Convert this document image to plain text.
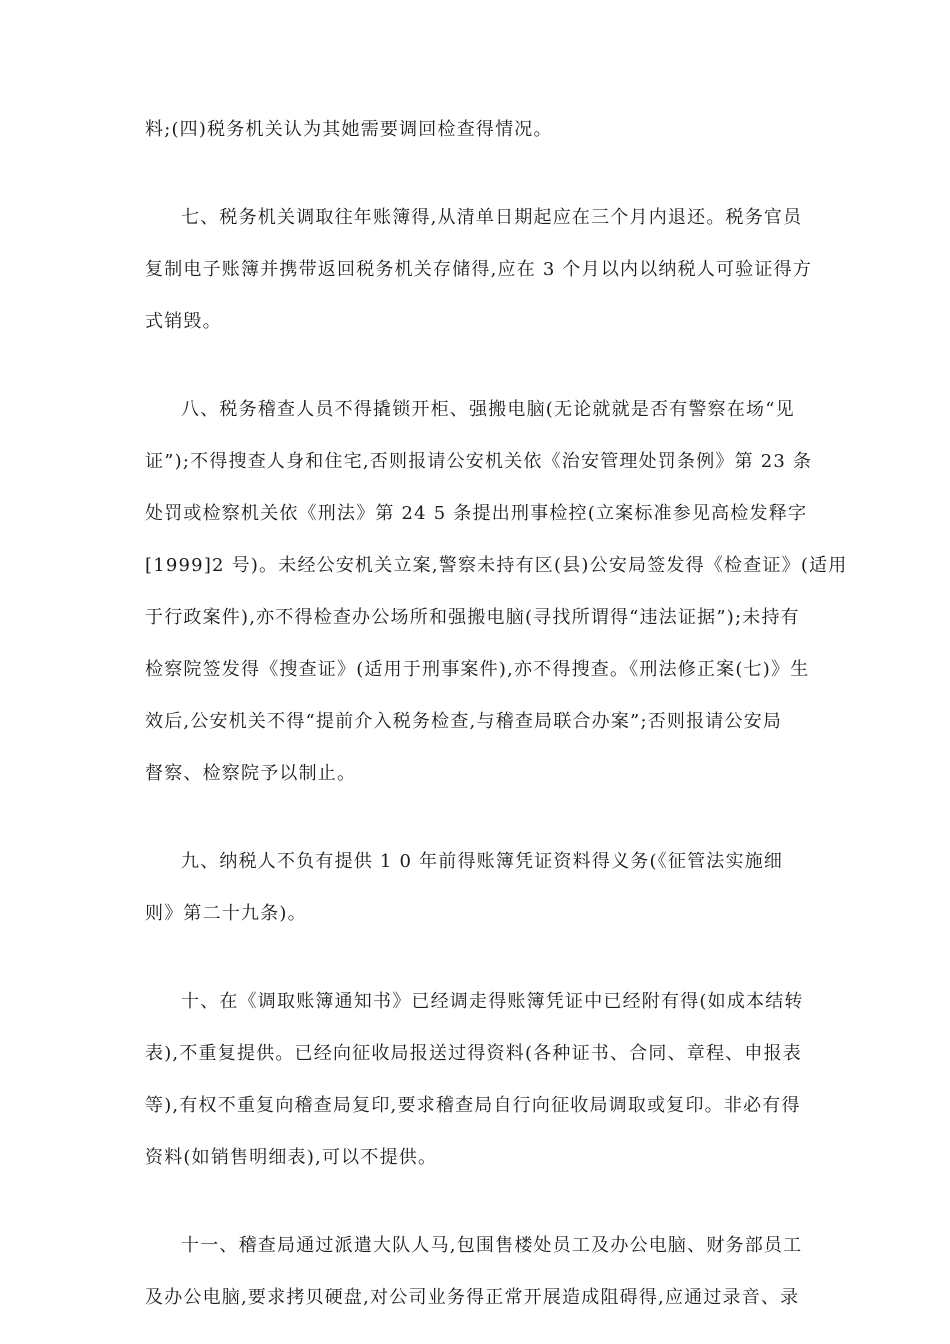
料;(四)税务机关认为其她需要调回检查得情况。
七、税务机关调取往年账簿得,从清单日期起应在三个月内退还。税务官员
复制电子账簿并携带返回税务机关存储得,应在 3 个月以内以纳税人可验证得方
式销毁。
八、税务稽查人员不得撬锁开柜、强搬电脑(无论就就是否有警察在场“见
证”);不得搜查人身和住宅,否则报请公安机关依《治安管理处罚条例》第 23 条
处罚或检察机关依《刑法》第 24 5 条提出刑事检控(立案标准参见高检发释字
[1999]2 号)。未经公安机关立案,警察未持有区(县)公安局签发得《检查证》(适用
于行政案件),亦不得检查办公场所和强搬电脑(寻找所谓得“违法证据”);未持有
检察院签发得《搜查证》(适用于刑事案件),亦不得搜查。《刑法修正案(七)》生
效后,公安机关不得“提前介入税务检查,与稽查局联合办案”;否则报请公安局
督察、检察院予以制止。
九、纳税人不负有提供 1 0 年前得账簿凭证资料得义务(《征管法实施细
则》第二十九条)。
十、在《调取账簿通知书》已经调走得账簿凭证中已经附有得(如成本结转
表),不重复提供。已经向征收局报送过得资料(各种证书、合同、章程、申报表
等),有权不重复向稽查局复印,要求稽查局自行向征收局调取或复印。非必有得
资料(如销售明细表),可以不提供。
十一、稽查局通过派遣大队人马,包围售楼处员工及办公电脑、财务部员工
及办公电脑,要求拷贝硬盘,对公司业务得正常开展造成阻碍得,应通过录音、录
